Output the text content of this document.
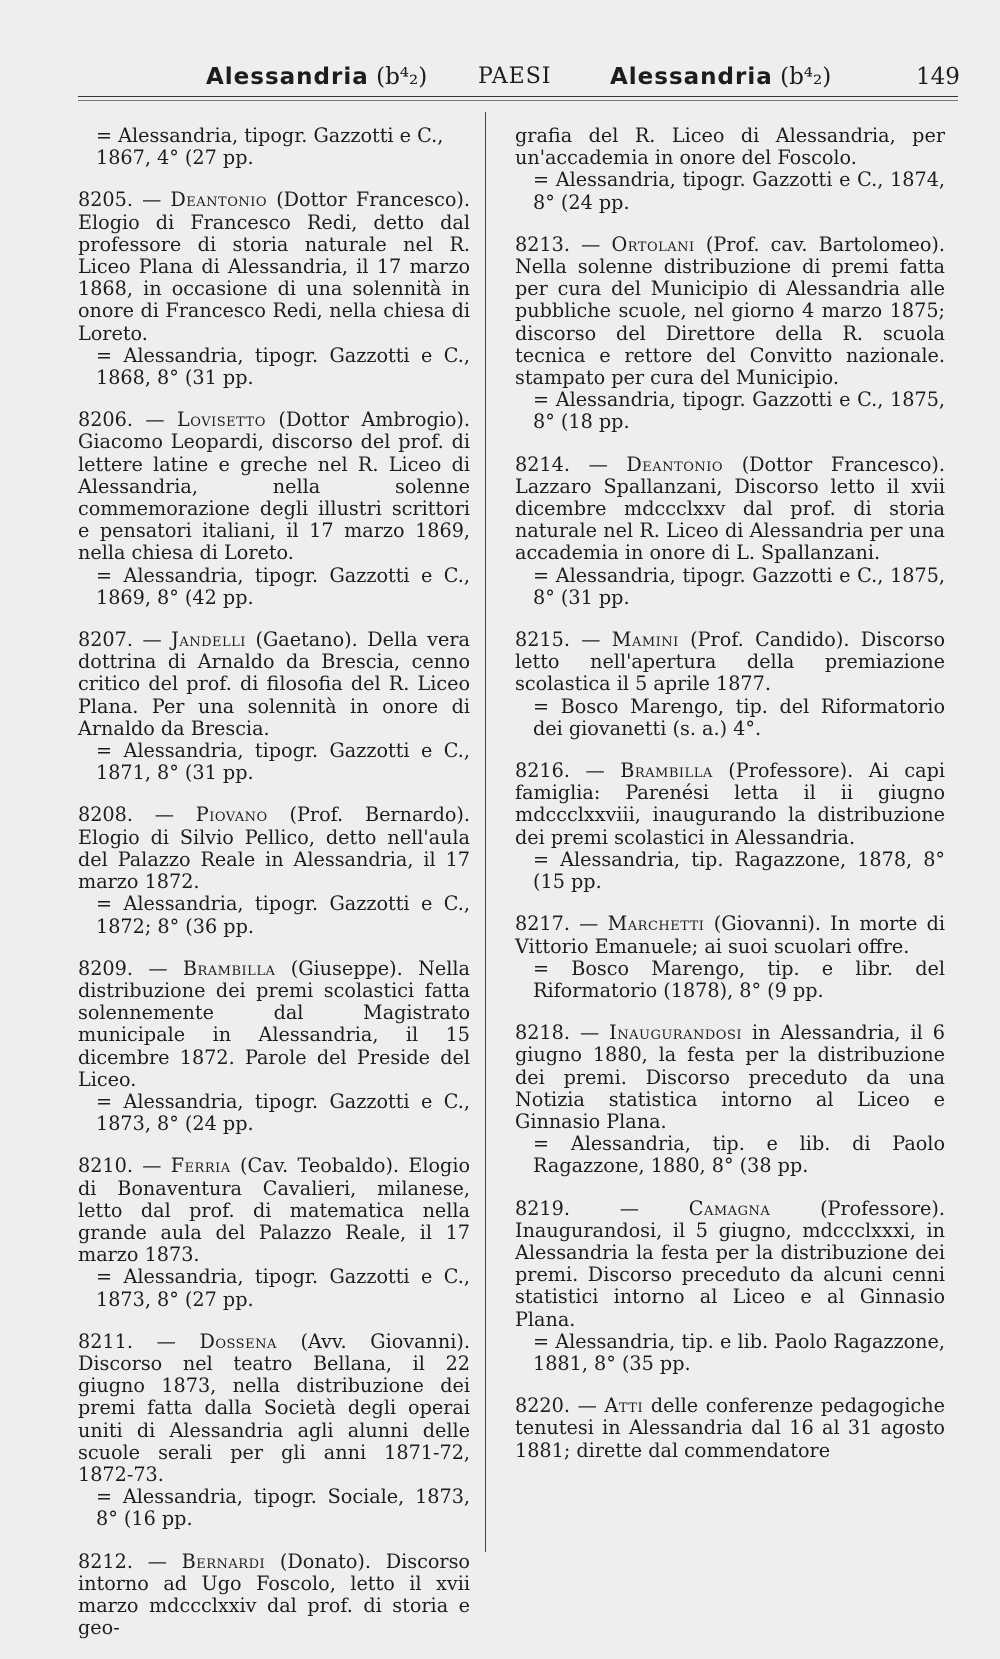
Alessandria (b⁴₂) PAESI	Alessandria (b⁴₂)	149
= Alessandria, tipogr. Gazzotti e C., 1867, 4° (27 pp.

8205. — Deantonio (Dottor Francesco). Elogio di Francesco Redi, detto dal professore di storia naturale nel R. Liceo Plana di Alessandria, il 17 marzo 1868, in occasione di una solennità in onore di Francesco Redi, nella chiesa di Loreto.

= Alessandria, tipogr. Gazzotti e C., 1868, 8° (31 pp.

8206. — Lovisetto (Dottor Ambrogio). Giacomo Leopardi, discorso del prof. di lettere latine e greche nel R. Liceo di Alessandria, nella solenne commemorazione degli illustri scrittori e pensatori italiani, il 17 marzo 1869, nella chiesa di Loreto.

= Alessandria, tipogr. Gazzotti e C., 1869, 8° (42 pp.

8207. — Jandelli (Gaetano). Della vera dottrina di Arnaldo da Brescia, cenno critico del prof. di filosofia del R. Liceo Plana. Per una solennità in onore di Arnaldo da Brescia.

= Alessandria, tipogr. Gazzotti e C., 1871, 8° (31 pp.

8208. — Piovano (Prof. Bernardo). Elogio di Silvio Pellico, detto nell'aula del Palazzo Reale in Alessandria, il 17 marzo 1872.

= Alessandria, tipogr. Gazzotti e C., 1872; 8° (36 pp.

8209. — Brambilla (Giuseppe). Nella distribuzione dei premi scolastici fatta solennemente dal Magistrato municipale in Alessandria, il 15 dicembre 1872. Parole del Preside del Liceo.

= Alessandria, tipogr. Gazzotti e C., 1873, 8° (24 pp.

8210. — Ferria (Cav. Teobaldo). Elogio di Bonaventura Cavalieri, milanese, letto dal prof. di matematica nella grande aula del Palazzo Reale, il 17 marzo 1873.

= Alessandria, tipogr. Gazzotti e C., 1873, 8° (27 pp.

8211. — Dossena (Avv. Giovanni). Discorso nel teatro Bellana, il 22 giugno 1873, nella distribuzione dei premi fatta dalla Società degli operai uniti di Alessandria agli alunni delle scuole serali per gli anni 1871-72, 1872-73.

= Alessandria, tipogr. Sociale, 1873, 8° (16 pp.

8212. — Bernardi (Donato). Discorso intorno ad Ugo Foscolo, letto il xvii marzo mdccclxxiv dal prof. di storia e geo-

grafia del R. Liceo di Alessandria, per un'accademia in onore del Foscolo.

= Alessandria, tipogr. Gazzotti e C., 1874, 8° (24 pp.

8213. — Ortolani (Prof. cav. Bartolomeo). Nella solenne distribuzione di premi fatta per cura del Municipio di Alessandria alle pubbliche scuole, nel giorno 4 marzo 1875; discorso del Direttore della R. scuola tecnica e rettore del Convitto nazionale. stampato per cura del Municipio.

= Alessandria, tipogr. Gazzotti e C., 1875, 8° (18 pp.

8214. — Deantonio (Dottor Francesco). Lazzaro Spallanzani, Discorso letto il xvii dicembre mdccclxxv dal prof. di storia naturale nel R. Liceo di Alessandria per una accademia in onore di L. Spallanzani.

= Alessandria, tipogr. Gazzotti e C., 1875, 8° (31 pp.

8215. — Mamini (Prof. Candido). Discorso letto nell'apertura della premiazione scolastica il 5 aprile 1877.

= Bosco Marengo, tip. del Riformatorio dei giovanetti (s. a.) 4°.

8216. — Brambilla (Professore). Ai capi famiglia: Parenési letta il ii giugno mdccclxxviii, inaugurando la distribuzione dei premi scolastici in Alessandria.

= Alessandria, tip. Ragazzone, 1878, 8° (15 pp.

8217. — Marchetti (Giovanni). In morte di Vittorio Emanuele; ai suoi scuolari offre.

= Bosco Marengo, tip. e libr. del Riformatorio (1878), 8° (9 pp.

8218. — Inaugurandosi in Alessandria, il 6 giugno 1880, la festa per la distribuzione dei premi. Discorso preceduto da una Notizia statistica intorno al Liceo e Ginnasio Plana.

= Alessandria, tip. e lib. di Paolo Ragazzone, 1880, 8° (38 pp.

8219. — Camagna	(Professore). Inaugurandosi, il 5 giugno, mdccclxxxi, in Alessandria la festa per la distribuzione dei premi. Discorso preceduto da alcuni cenni statistici intorno al Liceo e al Ginnasio Plana.

= Alessandria, tip. e lib. Paolo Ragazzone, 1881, 8° (35 pp.

8220. — Atti delle conferenze pedagogiche tenutesi in Alessandria dal 16 al 31 agosto 1881; dirette dal commendatore
